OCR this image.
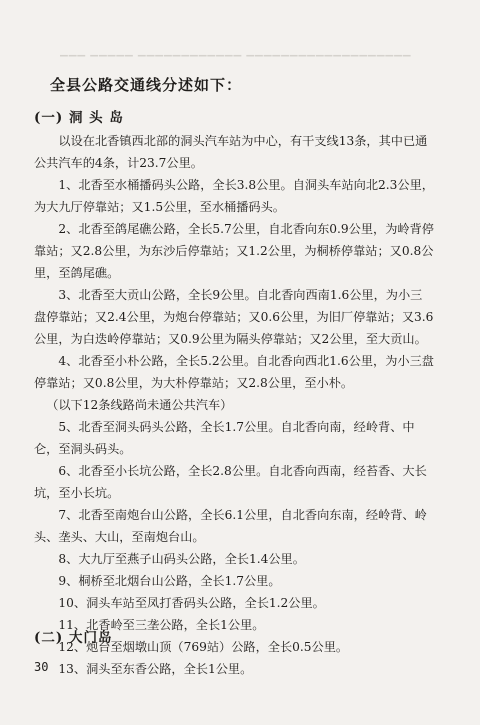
▁▁▁ ▁▁▁▁▁ ▁▁▁▁▁▁▁▁▁▁▁▁ ▁▁▁▁▁▁▁▁▁▁▁▁▁▁▁▁▁▁▁
全县公路交通线分述如下：
(一) 洞 头 岛

以设在北香镇西北部的洞头汽车站为中心，有干支线13条，其中已通公共汽车的4条，计23.7公里。

1、北香至水桶播码头公路，全长3.8公里。自洞头车站向北2.3公里，为大九厅停靠站；又1.5公里，至水桶播码头。

2、北香至鸽尾礁公路，全长5.7公里，自北香向东0.9公里，为岭背停靠站；又2.8公里，为东沙后停靠站；又1.2公里，为桐桥停靠站；又0.8公里，至鸽尾礁。

3、北香至大贡山公路，全长9公里。自北香向西南1.6公里，为小三盘停靠站；又2.4公里，为炮台停靠站；又0.6公里，为旧厂停靠站；又3.6公里，为白迭岭停靠站；又0.9公里为隔头停靠站；又2公里，至大贡山。

4、北香至小朴公路，全长5.2公里。自北香向西北1.6公里，为小三盘停靠站；又0.8公里，为大朴停靠站；又2.8公里，至小朴。

（以下12条线路尚未通公共汽车）

5、北香至洞头码头公路，全长1.7公里。自北香向南，经岭背、中仑，至洞头码头。

6、北香至小长坑公路，全长2.8公里。自北香向西南，经苔香、大长坑，至小长坑。

7、北香至南炮台山公路，全长6.1公里，自北香向东南，经岭背、岭头、垄头、大山，至南炮台山。

8、大九厅至燕子山码头公路，全长1.4公里。

9、桐桥至北烟台山公路，全长1.7公里。

10、洞头车站至凤打香码头公路，全长1.2公里。

11、北香岭至三垄公路，全长1公里。

12、炮台至烟墩山顶（769站）公路，全长0.5公里。

13、洞头至东香公路，全长1公里。

(二) 大门岛
30
